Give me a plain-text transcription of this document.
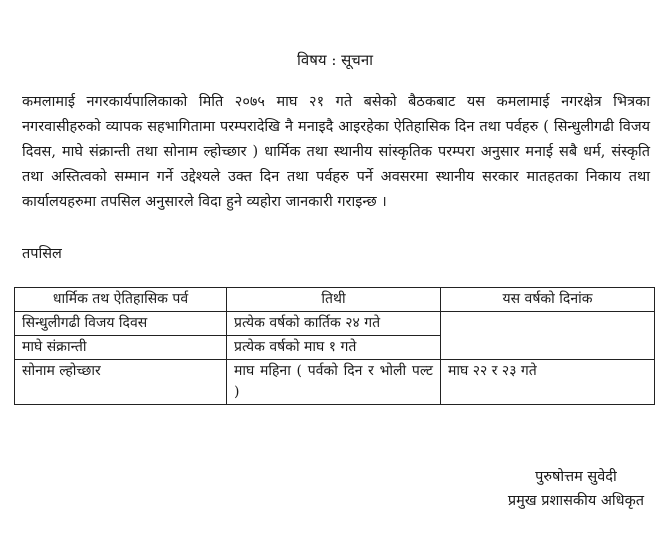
विषय : सूचना
कमलामाई नगरकार्यपालिकाको मिति २०७५ माघ २१ गते बसेको बैठकबाट यस कमलामाई नगरक्षेत्र भित्रका नगरवासीहरुको व्यापक सहभागितामा परम्परादेखि नै मनाइदै आइरहेका ऐतिहासिक दिन तथा पर्वहरु ( सिन्धुलीगढी विजय दिवस, माघे संक्रान्ती तथा सोनाम ल्होच्छार ) धार्मिक तथा स्थानीय सांस्कृतिक परम्परा अनुसार मनाई सबै धर्म, संस्कृति तथा अस्तित्वको सम्मान गर्ने उद्देश्यले उक्त दिन तथा पर्वहरु पर्ने अवसरमा स्थानीय सरकार मातहतका निकाय तथा कार्यालयहरुमा तपसिल अनुसारले विदा हुने व्यहोरा जानकारी गराइन्छ ।
तपसिल
धार्मिक तथ ऐतिहासिक पर्व	तिथी	यस वर्षको दिनांक
सिन्धुलीगढी विजय दिवस	प्रत्येक वर्षको कार्तिक २४ गते	
माघे संक्रान्ती	प्रत्येक वर्षको माघ १ गते	
सोनाम ल्होच्छार	माघ महिना ( पर्वको दिन र भोली पल्ट )	माघ २२ र २३ गते
पुरुषोत्तम सुवेदी
प्रमुख प्रशासकीय अधिकृत
